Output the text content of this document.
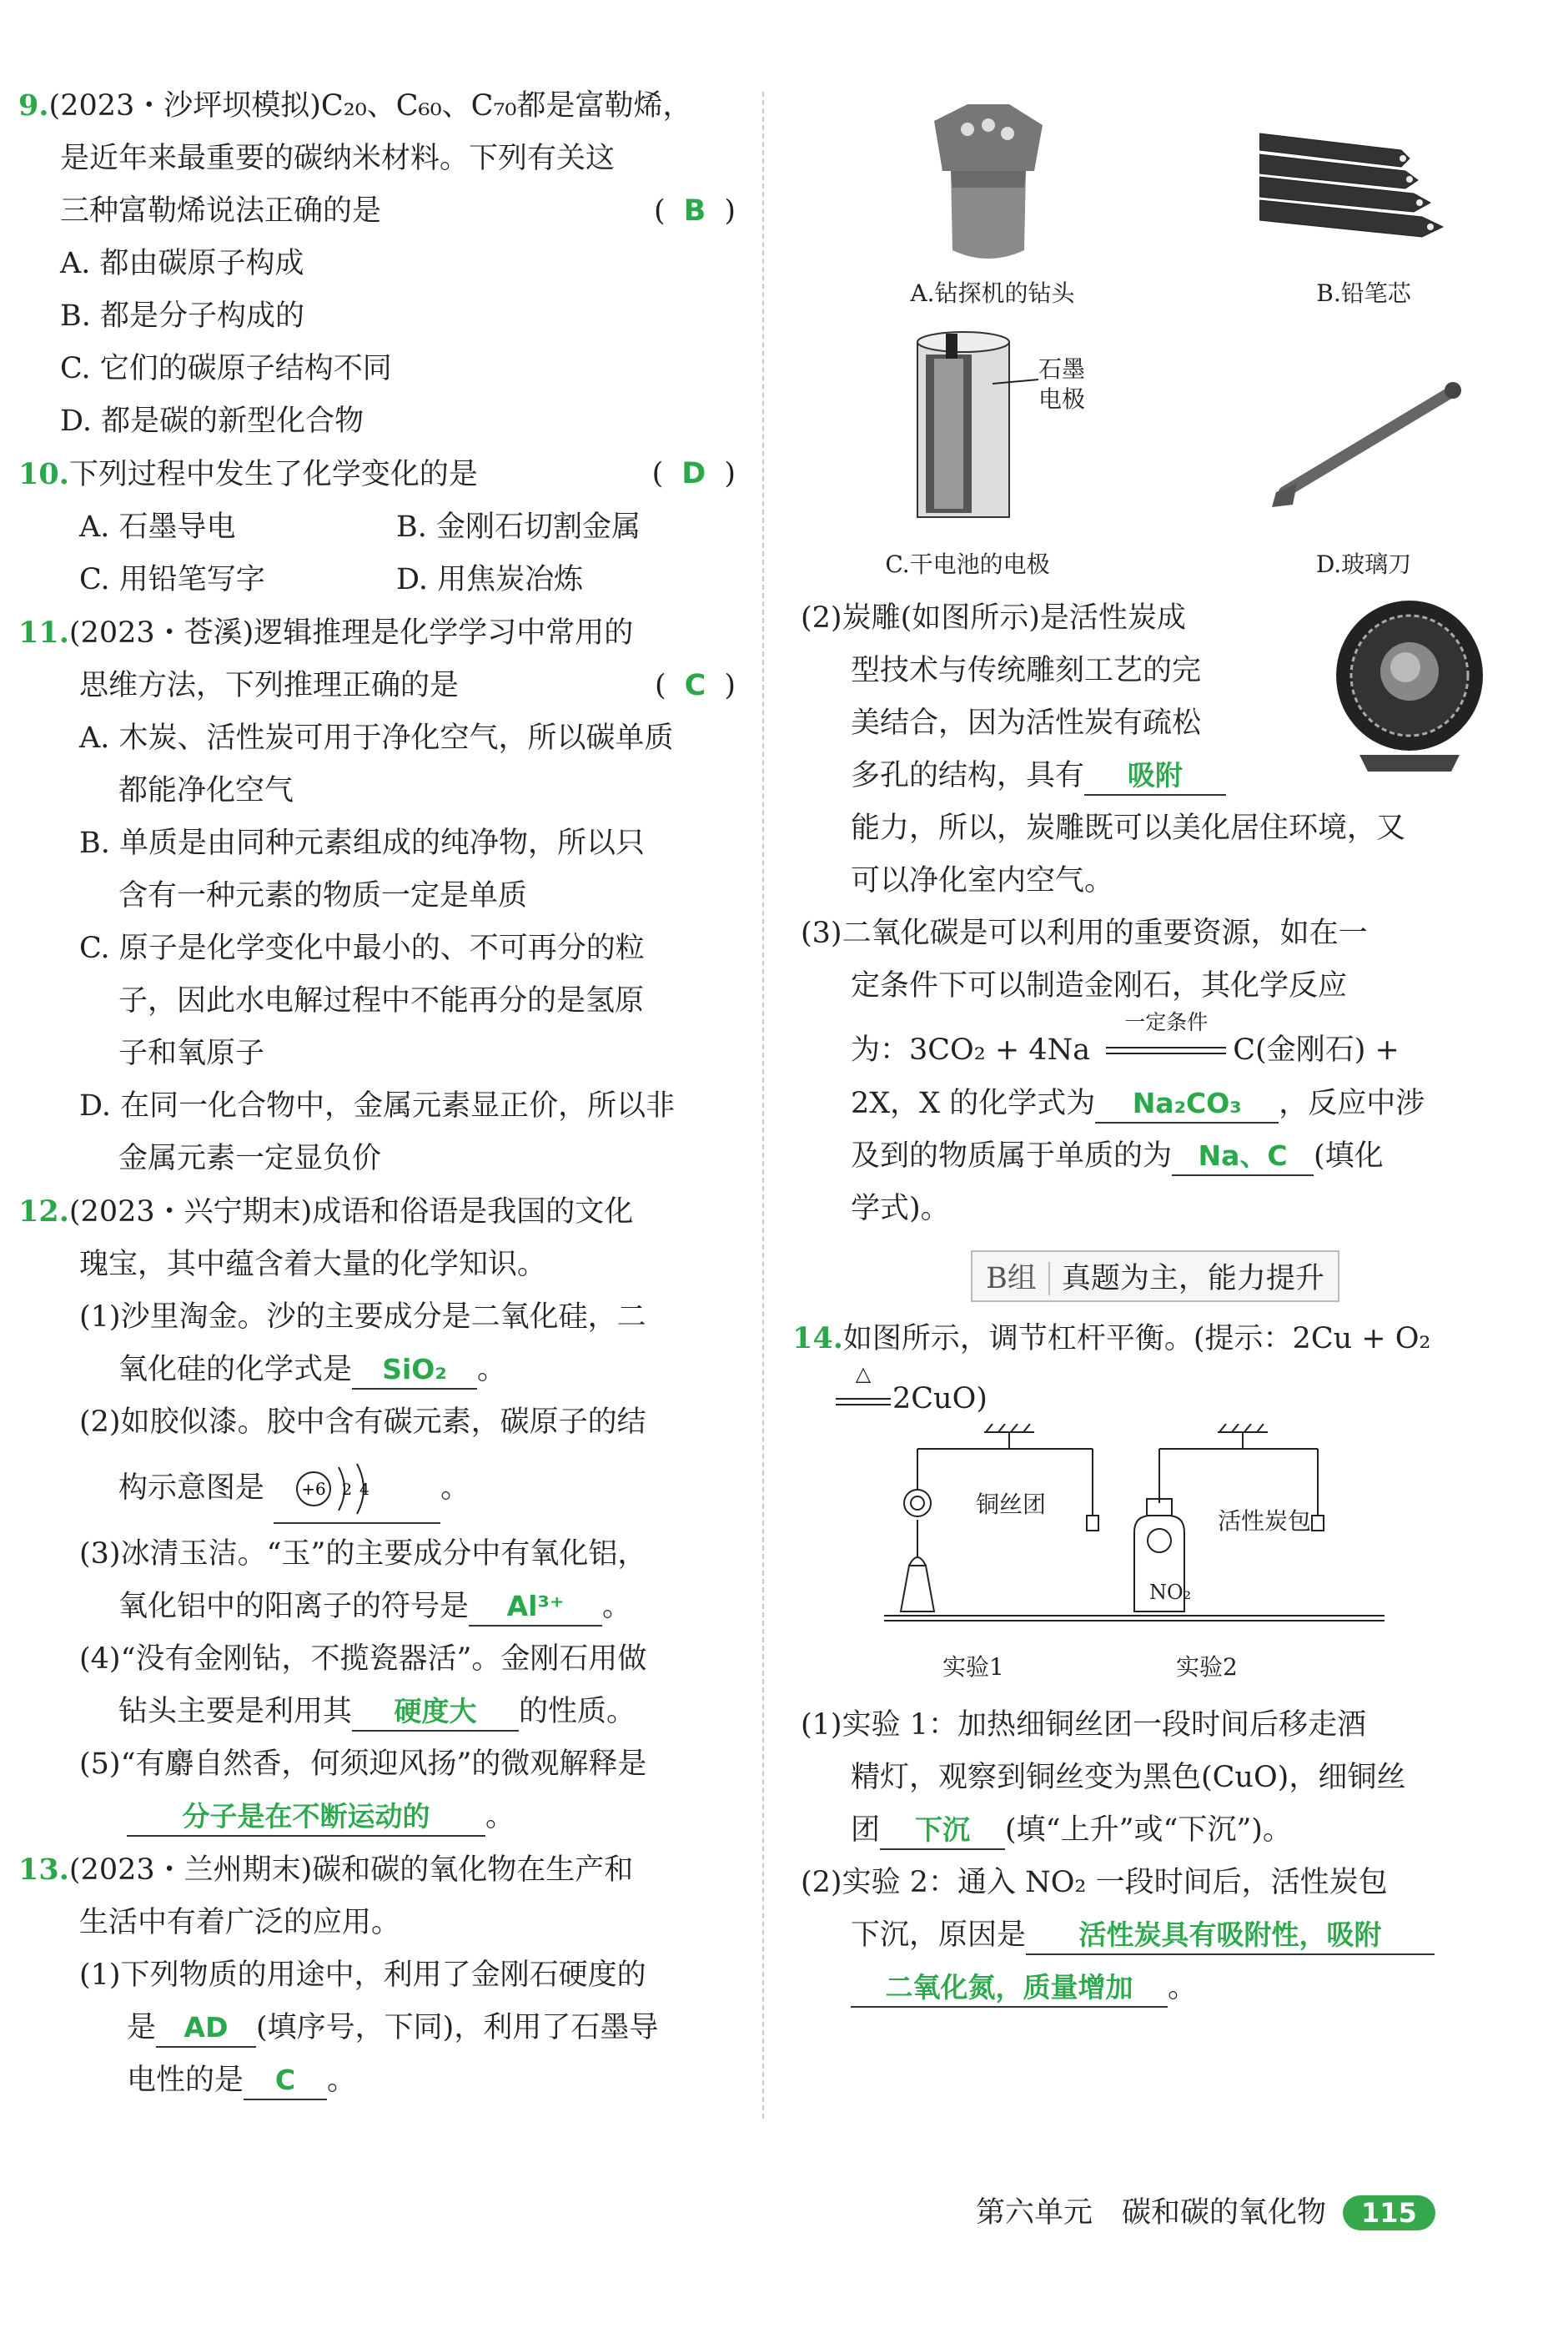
9.(2023・沙坪坝模拟)C₂₀、C₆₀、C₇₀都是富勒烯，
是近年来最重要的碳纳米材料。下列有关这
三种富勒烯说法正确的是	( B )
A. 都由碳原子构成
B. 都是分子构成的
C. 它们的碳原子结构不同
D. 都是碳的新型化合物
10.下列过程中发生了化学变化的是	( D )
A. 石墨导电	B. 金刚石切割金属
C. 用铅笔写字	D. 用焦炭冶炼
11.(2023・苍溪)逻辑推理是化学学习中常用的
思维方法，下列推理正确的是	( C )
A. 木炭、活性炭可用于净化空气，所以碳单质
都能净化空气
B. 单质是由同种元素组成的纯净物，所以只
含有一种元素的物质一定是单质
C. 原子是化学变化中最小的、不可再分的粒
子，因此水电解过程中不能再分的是氢原
子和氧原子
D. 在同一化合物中，金属元素显正价，所以非
金属元素一定显负价
12.(2023・兴宁期末)成语和俗语是我国的文化
瑰宝，其中蕴含着大量的化学知识。
(1)沙里淘金。沙的主要成分是二氧化硅，二
氧化硅的化学式是 SiO₂ 。
(2)如胶似漆。胶中含有碳元素，碳原子的结
构示意图是 +6 2 4 。
(3)冰清玉洁。“玉”的主要成分中有氧化铝，
氧化铝中的阳离子的符号是 Al³⁺ 。
(4)“没有金刚钻，不揽瓷器活”。金刚石用做
钻头主要是利用其 硬度大 的性质。
(5)“有麝自然香，何须迎风扬”的微观解释是
分子是在不断运动的 。
13.(2023・兰州期末)碳和碳的氧化物在生产和
生活中有着广泛的应用。
(1)下列物质的用途中，利用了金刚石硬度的
是 AD (填序号，下同)，利用了石墨导
电性的是 C 。
A.钻探机的钻头	B.铅笔芯
石墨
电极
C.干电池的电极	D.玻璃刀
(2)炭雕(如图所示)是活性炭成
型技术与传统雕刻工艺的完
美结合，因为活性炭有疏松
多孔的结构，具有 吸附
能力，所以，炭雕既可以美化居住环境，又
可以净化室内空气。
(3)二氧化碳是可以利用的重要资源，如在一
定条件下可以制造金刚石，其化学反应
为：3CO₂ + 4Na
一定条件
C(金刚石) +
2X，X 的化学式为 Na₂CO₃ ，反应中涉
及到的物质属于单质的为 Na、C (填化
学式)。
B组 真题为主，能力提升
14.如图所示，调节杠杆平衡。(提示：2Cu + O₂
△
2CuO)
铜丝团
活性炭包
NO₂
实验1	实验2
(1)实验 1：加热细铜丝团一段时间后移走酒
精灯，观察到铜丝变为黑色(CuO)，细铜丝
团 下沉 (填“上升”或“下沉”)。
(2)实验 2：通入 NO₂ 一段时间后，活性炭包
下沉，原因是 活性炭具有吸附性，吸附
二氧化氮，质量增加 。
第六单元　碳和碳的氧化物 115
